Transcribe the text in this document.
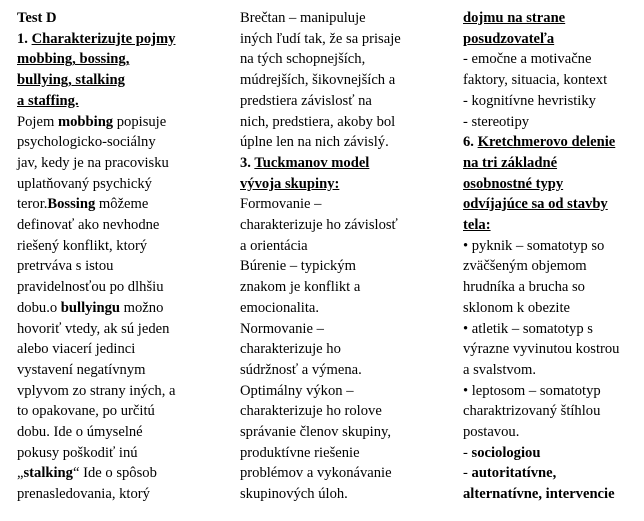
Test D
1. Charakterizujte pojmy
mobbing, bossing,
bullying, stalking
a staffing.
Pojem mobbing popisuje
psychologicko-sociálny
jav, kedy je na pracovisku
uplatňovaný psychický
teror.Bossing môžeme
definovať ako nevhodne
riešený konflikt, ktorý
pretrváva s istou
pravidelnosťou po dlhšiu
dobu.o bullyingu možno
hovoriť vtedy, ak sú jeden
alebo viacerí jedinci
vystavení negatívnym
vplyvom zo strany iných, a
to opakovane, po určitú
dobu. Ide o úmyselné
pokusy poškodiť inú
„stalking“ Ide o spôsob
prenasledovania, ktorý
Brečtan – manipuluje
iných ľudí tak, že sa prisaje
na tých schopnejších,
múdrejších, šikovnejších a
predstiera závislosť na
nich, predstiera, akoby bol
úplne len na nich závislý.
3. Tuckmanov model
vývoja skupiny:
Formovanie –
charakterizuje ho závislosť
a orientácia
Búrenie – typickým
znakom je konflikt a
emocionalita.
Normovanie –
charakterizuje ho
súdržnosť a výmena.
Optimálny výkon –
charakterizuje ho rolove
správanie členov skupiny,
produktívne riešenie
problémov a vykonávanie
skupinových úloh.
dojmu na strane
posudzovateľa
- emočne a motivačne
faktory, situacia, kontext
- kognitívne hevristiky
- stereotipy
6. Kretchmerovo delenie
na tri základné
osobnostné typy
odvíjajúce sa od stavby
tela:
• pyknik – somatotyp so
zväčšeným objemom
hrudníka a brucha so
sklonom k obezite
• atletik – somatotyp s
výrazne vyvinutou kostrou
a svalstvom.
• leptosom – somatotyp
charaktrizovaný štíhlou
postavou.
- sociologiou
- autoritatívne,
alternatívne, intervencie
